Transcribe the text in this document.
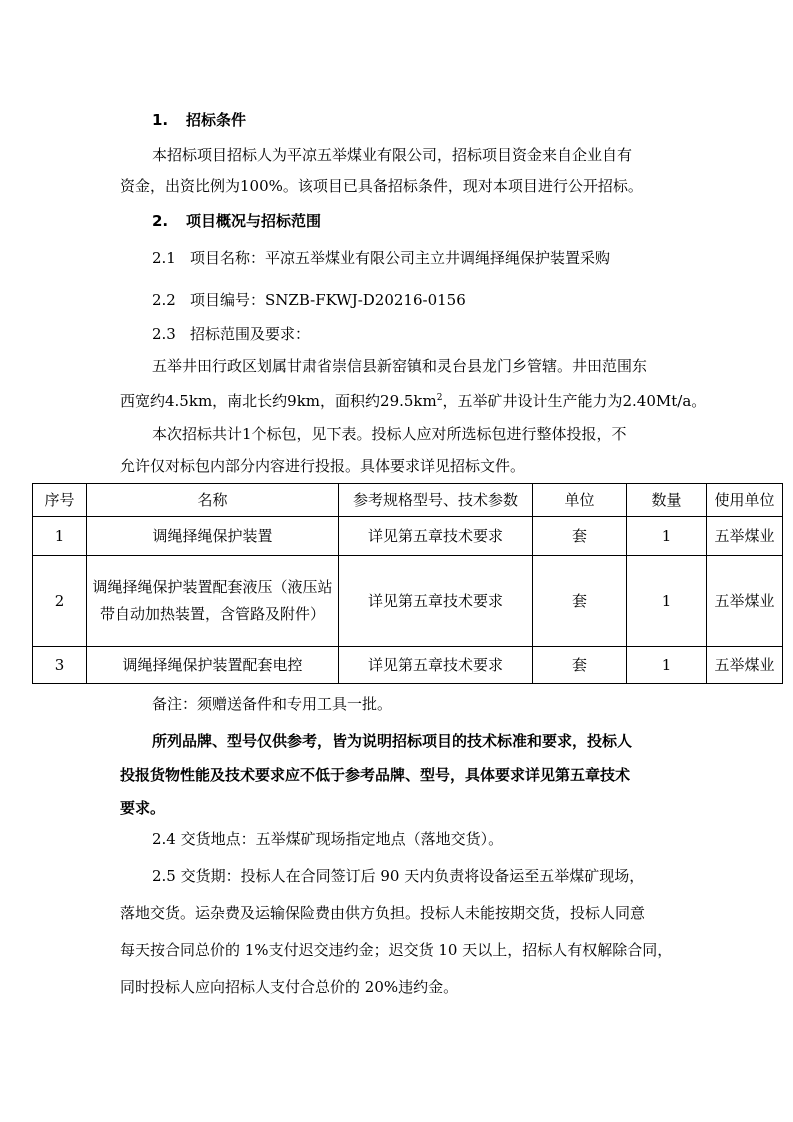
1. 招标条件
本招标项目招标人为平凉五举煤业有限公司，招标项目资金来自企业自有
资金，出资比例为100%。该项目已具备招标条件，现对本项目进行公开招标。
2. 项目概况与招标范围
2.1 项目名称：平凉五举煤业有限公司主立井调绳择绳保护装置采购
2.2 项目编号：SNZB-FKWJ-D20216-0156
2.3 招标范围及要求：
五举井田行政区划属甘肃省崇信县新窑镇和灵台县龙门乡管辖。井田范围东
西宽约4.5km，南北长约9km，面积约$29.5km^2$，五举矿井设计生产能力为2.40Mt/a。
本次招标共计1个标包，见下表。投标人应对所选标包进行整体投报，不
允许仅对标包内部分内容进行投报。具体要求详见招标文件。
序号	名称	参考规格型号、技术参数	单位	数量	使用单位
1	调绳择绳保护装置	详见第五章技术要求	套	1	五举煤业
2	调绳择绳保护装置配套液压（液压站带自动加热装置，含管路及附件）	详见第五章技术要求	套	1	五举煤业
3	调绳择绳保护装置配套电控	详见第五章技术要求	套	1	五举煤业
备注：须赠送备件和专用工具一批。
所列品牌、型号仅供参考，皆为说明招标项目的技术标准和要求，投标人
投报货物性能及技术要求应不低于参考品牌、型号，具体要求详见第五章技术
要求。
2.4 交货地点：五举煤矿现场指定地点（落地交货）。
2.5 交货期：投标人在合同签订后 90 天内负责将设备运至五举煤矿现场，
落地交货。运杂费及运输保险费由供方负担。投标人未能按期交货，投标人同意
每天按合同总价的 1%支付迟交违约金；迟交货 10 天以上，招标人有权解除合同，
同时投标人应向招标人支付合总价的 20%违约金。
